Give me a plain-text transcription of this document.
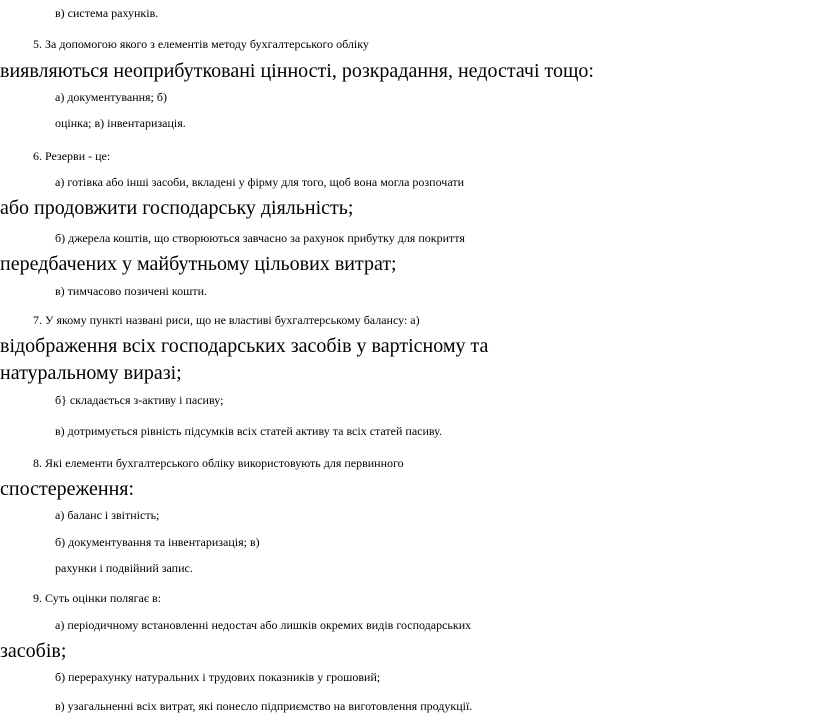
в) система рахунків.
5. За допомогою якого з елементів методу бухгалтерського обліку
виявляються неоприбутковані цінності, розкрадання, недостачі тощо:
а) документування; б)
оцінка; в) інвентаризація.
6. Резерви - це:
а) готівка або інші засоби, вкладені у фірму для того, щоб вона могла розпочати
або продовжити господарську діяльність;
б) джерела коштів, що створюються завчасно за рахунок прибутку для покриття
передбачених у майбутньому цільових витрат;
в) тимчасово позичені кошти.
7. У якому пункті названі риси, що не властиві бухгалтерському балансу: а)
відображення всіх господарських засобів у вартісному та
натуральному виразі;
б} складається з-активу і пасиву;
в) дотримується рівність підсумків всіх статей активу та всіх статей пасиву.
8. Які елементи бухгалтерського обліку використовують для первинного
спостереження:
а) баланс і звітність;
б) документування та інвентаризація; в)
рахунки і подвійний запис.
9. Суть оцінки полягає в:
а) періодичному встановленні недостач або лишків окремих видів господарських
засобів;
б) перерахунку натуральних і трудових показників у грошовий;
в) узагальненні всіх витрат, які понесло підприємство на виготовлення продукції.
